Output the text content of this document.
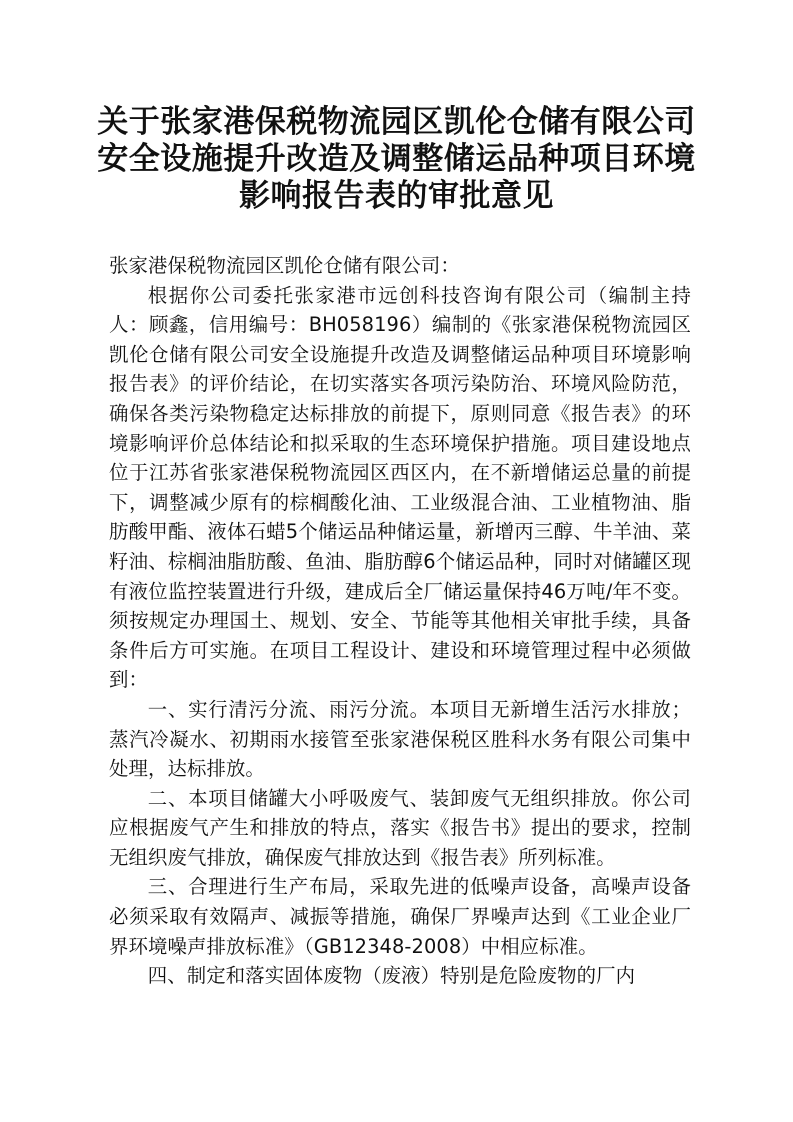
关于张家港保税物流园区凯伦仓储有限公司
安全设施提升改造及调整储运品种项目环境
影响报告表的审批意见

张家港保税物流园区凯伦仓储有限公司：

根据你公司委托张家港市远创科技咨询有限公司（编制主持人：顾鑫，信用编号：BH058196）编制的《张家港保税物流园区凯伦仓储有限公司安全设施提升改造及调整储运品种项目环境影响报告表》的评价结论，在切实落实各项污染防治、环境风险防范，确保各类污染物稳定达标排放的前提下，原则同意《报告表》的环境影响评价总体结论和拟采取的生态环境保护措施。项目建设地点位于江苏省张家港保税物流园区西区内，在不新增储运总量的前提下，调整减少原有的棕榈酸化油、工业级混合油、工业植物油、脂肪酸甲酯、液体石蜡5个储运品种储运量，新增丙三醇、牛羊油、菜籽油、棕榈油脂肪酸、鱼油、脂肪醇6个储运品种，同时对储罐区现有液位监控装置进行升级，建成后全厂储运量保持46万吨/年不变。须按规定办理国土、规划、安全、节能等其他相关审批手续，具备条件后方可实施。在项目工程设计、建设和环境管理过程中必须做到：

一、实行清污分流、雨污分流。本项目无新增生活污水排放；蒸汽冷凝水、初期雨水接管至张家港保税区胜科水务有限公司集中处理，达标排放。

二、本项目储罐大小呼吸废气、装卸废气无组织排放。你公司应根据废气产生和排放的特点，落实《报告书》提出的要求，控制无组织废气排放，确保废气排放达到《报告表》所列标准。

三、合理进行生产布局，采取先进的低噪声设备，高噪声设备必须采取有效隔声、减振等措施，确保厂界噪声达到《工业企业厂界环境噪声排放标准》（GB12348-2008）中相应标准。

四、制定和落实固体废物（废液）特别是危险废物的厂内
